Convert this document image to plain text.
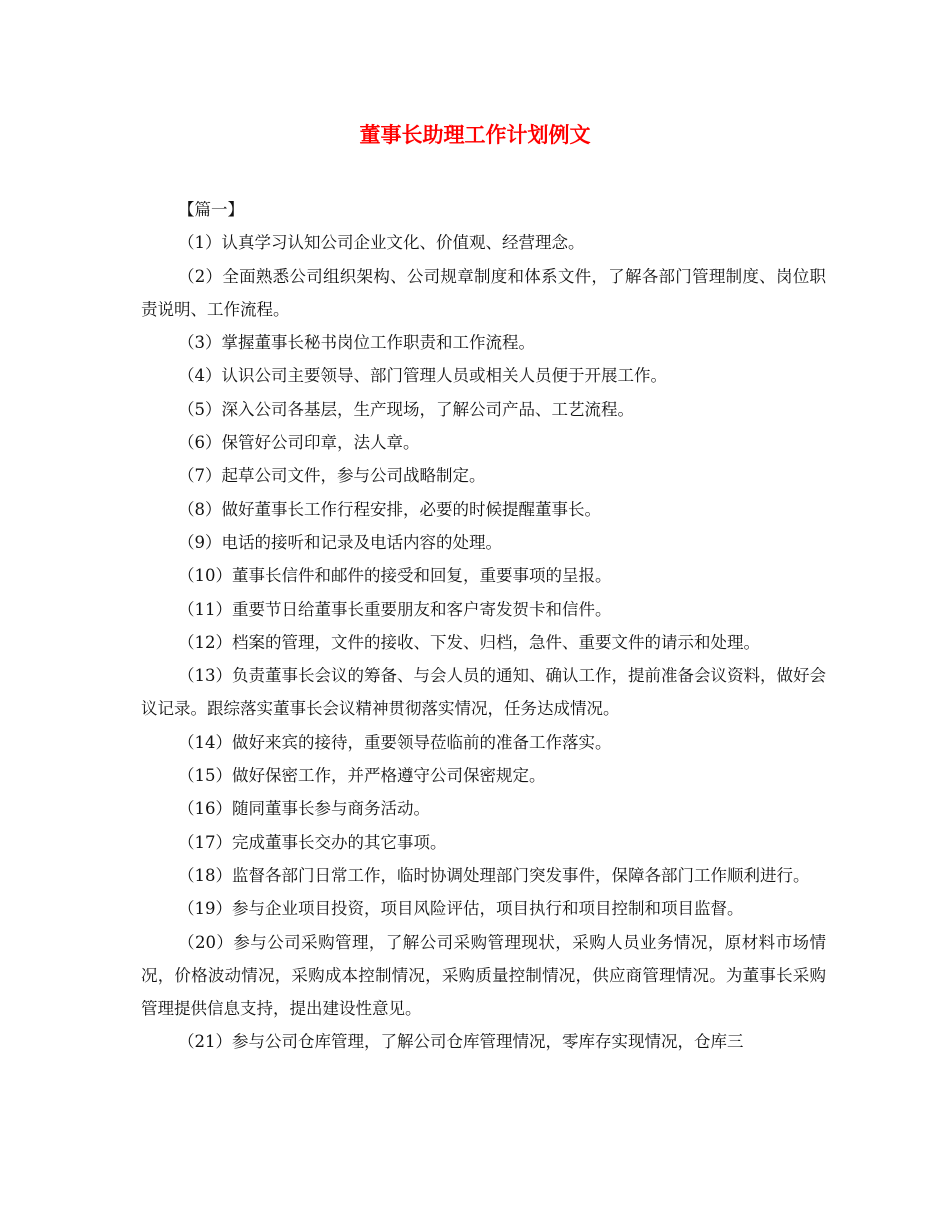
董事长助理工作计划例文

【篇一】

（1）认真学习认知公司企业文化、价值观、经营理念。

（2）全面熟悉公司组织架构、公司规章制度和体系文件，了解各部门管理制度、岗位职责说明、工作流程。

（3）掌握董事长秘书岗位工作职责和工作流程。

（4）认识公司主要领导、部门管理人员或相关人员便于开展工作。

（5）深入公司各基层，生产现场，了解公司产品、工艺流程。

（6）保管好公司印章，法人章。

（7）起草公司文件，参与公司战略制定。

（8）做好董事长工作行程安排，必要的时候提醒董事长。

（9）电话的接听和记录及电话内容的处理。

（10）董事长信件和邮件的接受和回复，重要事项的呈报。

（11）重要节日给董事长重要朋友和客户寄发贺卡和信件。

（12）档案的管理，文件的接收、下发、归档，急件、重要文件的请示和处理。

（13）负责董事长会议的筹备、与会人员的通知、确认工作，提前准备会议资料，做好会议记录。跟综落实董事长会议精神贯彻落实情况，任务达成情况。

（14）做好来宾的接待，重要领导莅临前的准备工作落实。

（15）做好保密工作，并严格遵守公司保密规定。

（16）随同董事长参与商务活动。

（17）完成董事长交办的其它事项。

（18）监督各部门日常工作，临时协调处理部门突发事件，保障各部门工作顺利进行。

（19）参与企业项目投资，项目风险评估，项目执行和项目控制和项目监督。

（20）参与公司采购管理，了解公司采购管理现状，采购人员业务情况，原材料市场情况，价格波动情况，采购成本控制情况，采购质量控制情况，供应商管理情况。为董事长采购管理提供信息支持，提出建设性意见。

（21）参与公司仓库管理，了解公司仓库管理情况，零库存实现情况，仓库三
